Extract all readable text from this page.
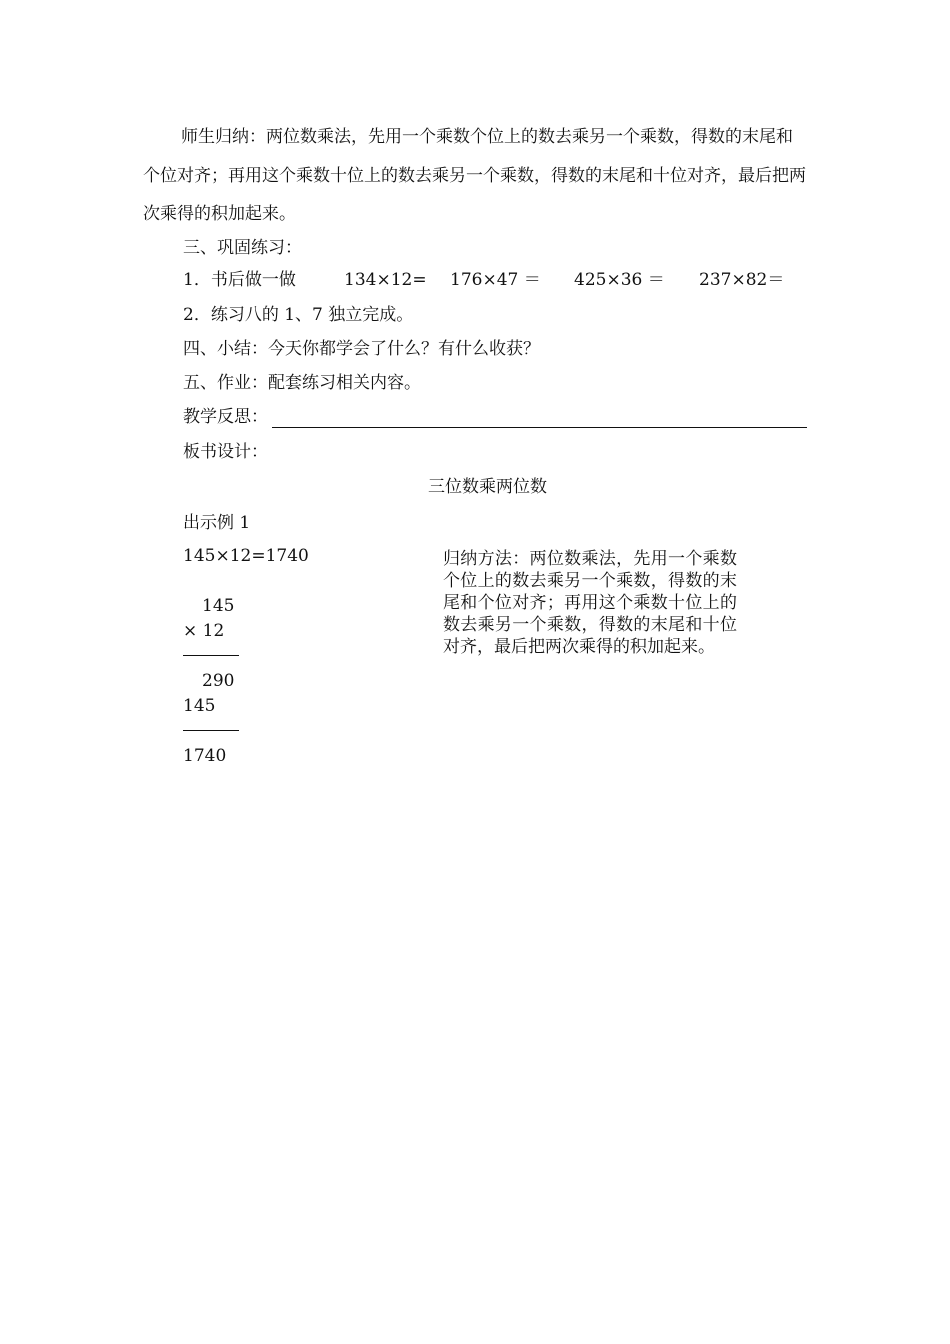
师生归纳：两位数乘法，先用一个乘数个位上的数去乘另一个乘数，得数的末尾和个位对齐；再用这个乘数十位上的数去乘另一个乘数，得数的末尾和十位对齐，最后把两次乘得的积加起来。
三、巩固练习：
1．书后做一做	134×12= 176×47 ＝ 425×36 ＝ 237×82＝
2．练习八的 1、7 独立完成。
四、小结：今天你都学会了什么？有什么收获？
五、作业：配套练习相关内容。
教学反思：
板书设计：
三位数乘两位数
出示例 1
145×12=1740
145
× 12
290
145
1740
归纳方法：两位数乘法，先用一个乘数个位上的数去乘另一个乘数，得数的末尾和个位对齐；再用这个乘数十位上的数去乘另一个乘数，得数的末尾和十位对齐，最后把两次乘得的积加起来。
